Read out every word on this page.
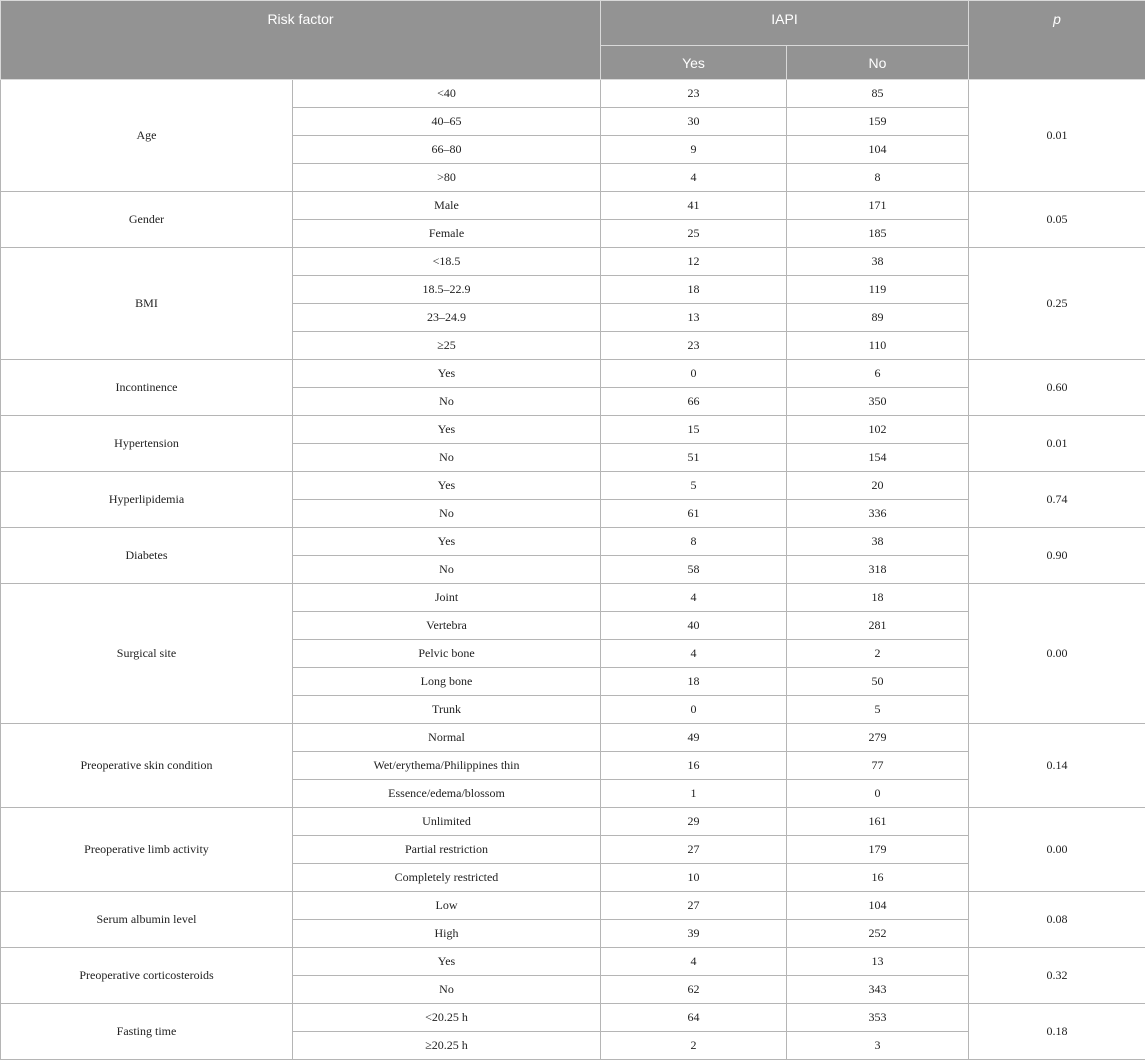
Risk factor		IAPI		p
		Yes	No	
Age	<40	23	85	0.01
	40–65	30	159	
	66–80	9	104	
	>80	4	8	
Gender	Male	41	171	0.05
	Female	25	185	
BMI	<18.5	12	38	0.25
	18.5–22.9	18	119	
	23–24.9	13	89	
	≥25	23	110	
Incontinence	Yes	0	6	0.60
	No	66	350	
Hypertension	Yes	15	102	0.01
	No	51	154	
Hyperlipidemia	Yes	5	20	0.74
	No	61	336	
Diabetes	Yes	8	38	0.90
	No	58	318	
Surgical site	Joint	4	18	0.00
	Vertebra	40	281	
	Pelvic bone	4	2	
	Long bone	18	50	
	Trunk	0	5	
Preoperative skin condition	Normal	49	279	0.14
	Wet/erythema/Philippines thin	16	77	
	Essence/edema/blossom	1	0	
Preoperative limb activity	Unlimited	29	161	0.00
	Partial restriction	27	179	
	Completely restricted	10	16	
Serum albumin level	Low	27	104	0.08
	High	39	252	
Preoperative corticosteroids	Yes	4	13	0.32
	No	62	343	
Fasting time	<20.25 h	64	353	0.18
	≥20.25 h	2	3	
